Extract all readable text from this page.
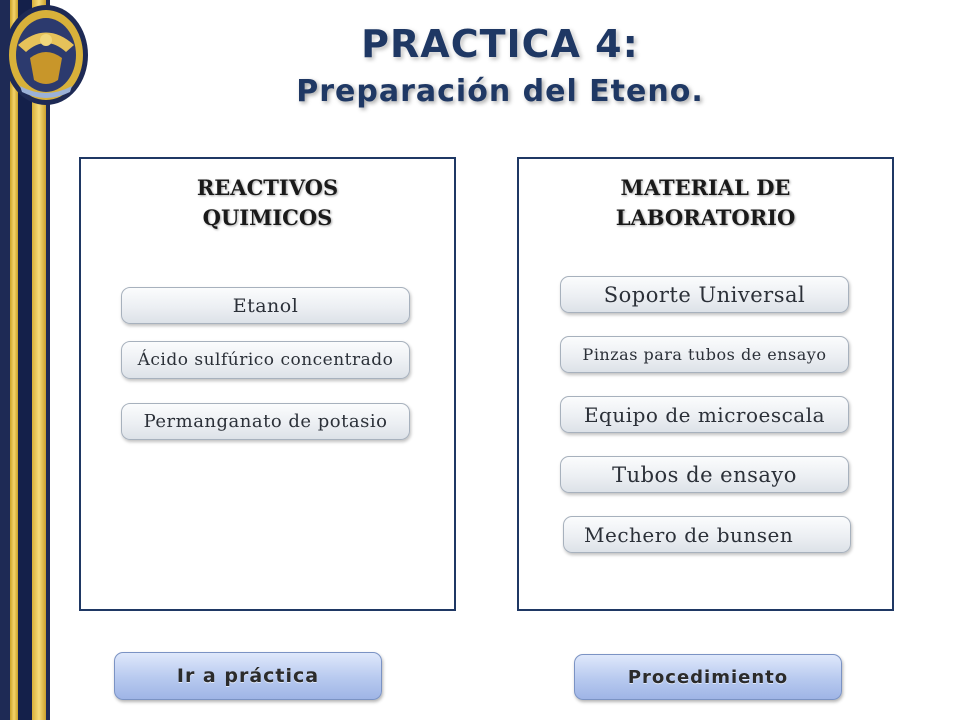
PRACTICA 4:
Preparación del Eteno.
REACTIVOS
QUIMICOS
Etanol
Ácido sulfúrico concentrado
Permanganato de potasio
MATERIAL DE
LABORATORIO
Soporte Universal
Pinzas para tubos de ensayo
Equipo de microescala
Tubos de ensayo
Mechero de bunsen
Ir a práctica	Procedimiento
